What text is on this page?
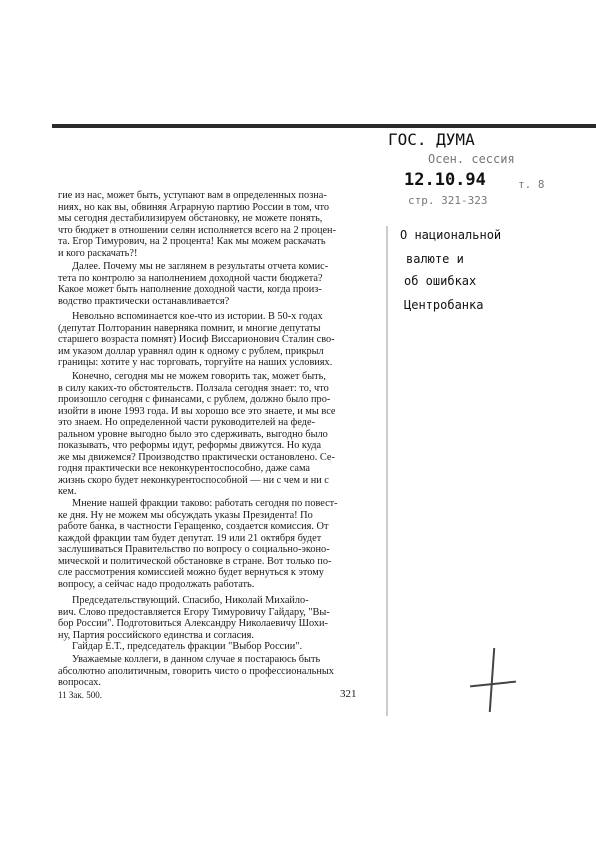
гие из нас, может быть, уступают вам в определенных позна-
ниях, но как вы, обвиняя Аграрную партию России в том, что
мы сегодня дестабилизируем обстановку, не можете понять,
что бюджет в отношении селян исполняется всего на 2 процен-
та. Егор Тимурович, на 2 процента! Как мы можем раскачать
и кого раскачать?!
Далее. Почему мы не заглянем в результаты отчета комис-
тета по контролю за наполнением доходной части бюджета?
Какое может быть наполнение доходной части, когда произ-
водство практически останавливается?
Невольно вспоминается кое-что из истории. В 50-х годах
(депутат Полторанин наверняка помнит, и многие депутаты
старшего возраста помнят) Иосиф Виссарионович Сталин сво-
им указом доллар уравнял один к одному с рублем, прикрыл
границы: хотите у нас торговать, торгуйте на наших условиях.
Конечно, сегодня мы не можем говорить так, может быть,
в силу каких-то обстоятельств. Ползала сегодня знает: то, что
произошло сегодня с финансами, с рублем, должно было про-
изойти в июне 1993 года. И вы хорошо все это знаете, и мы все
это знаем. Но определенной части руководителей на феде-
ральном уровне выгодно было это сдерживать, выгодно было
показывать, что реформы идут, реформы движутся. Но куда
же мы движемся? Производство практически остановлено. Се-
годня практически все неконкурентоспособно, даже сама
жизнь скоро будет неконкурентоспособной — ни с чем и ни с
кем.
Мнение нашей фракции таково: работать сегодня по повест-
ке дня. Ну не можем мы обсуждать указы Президента! По
работе банка, в частности Геращенко, создается комиссия. От
каждой фракции там будет депутат. 19 или 21 октября будет
заслушиваться Правительство по вопросу о социально-эконо-
мической и политической обстановке в стране. Вот только по-
сле рассмотрения комиссией можно будет вернуться к этому
вопросу, а сейчас надо продолжать работать.
Председательствующий. Спасибо, Николай Михайло-
вич. Слово предоставляется Егору Тимуровичу Гайдару, "Вы-
бор России". Подготовиться Александру Николаевичу Шохи-
ну, Партия российского единства и согласия.
Гайдар Е.Т., председатель фракции "Выбор России".
Уважаемые коллеги, в данном случае я постараюсь быть
абсолютно аполитичным, говорить чисто о профессиональных
вопросах.
11 Зак. 500.	321
ГОС. ДУМА
Осен. сессия
12.10.94	т. 8
стр. 321-323
О национальной
валюте и
об ошибках
Центробанка
